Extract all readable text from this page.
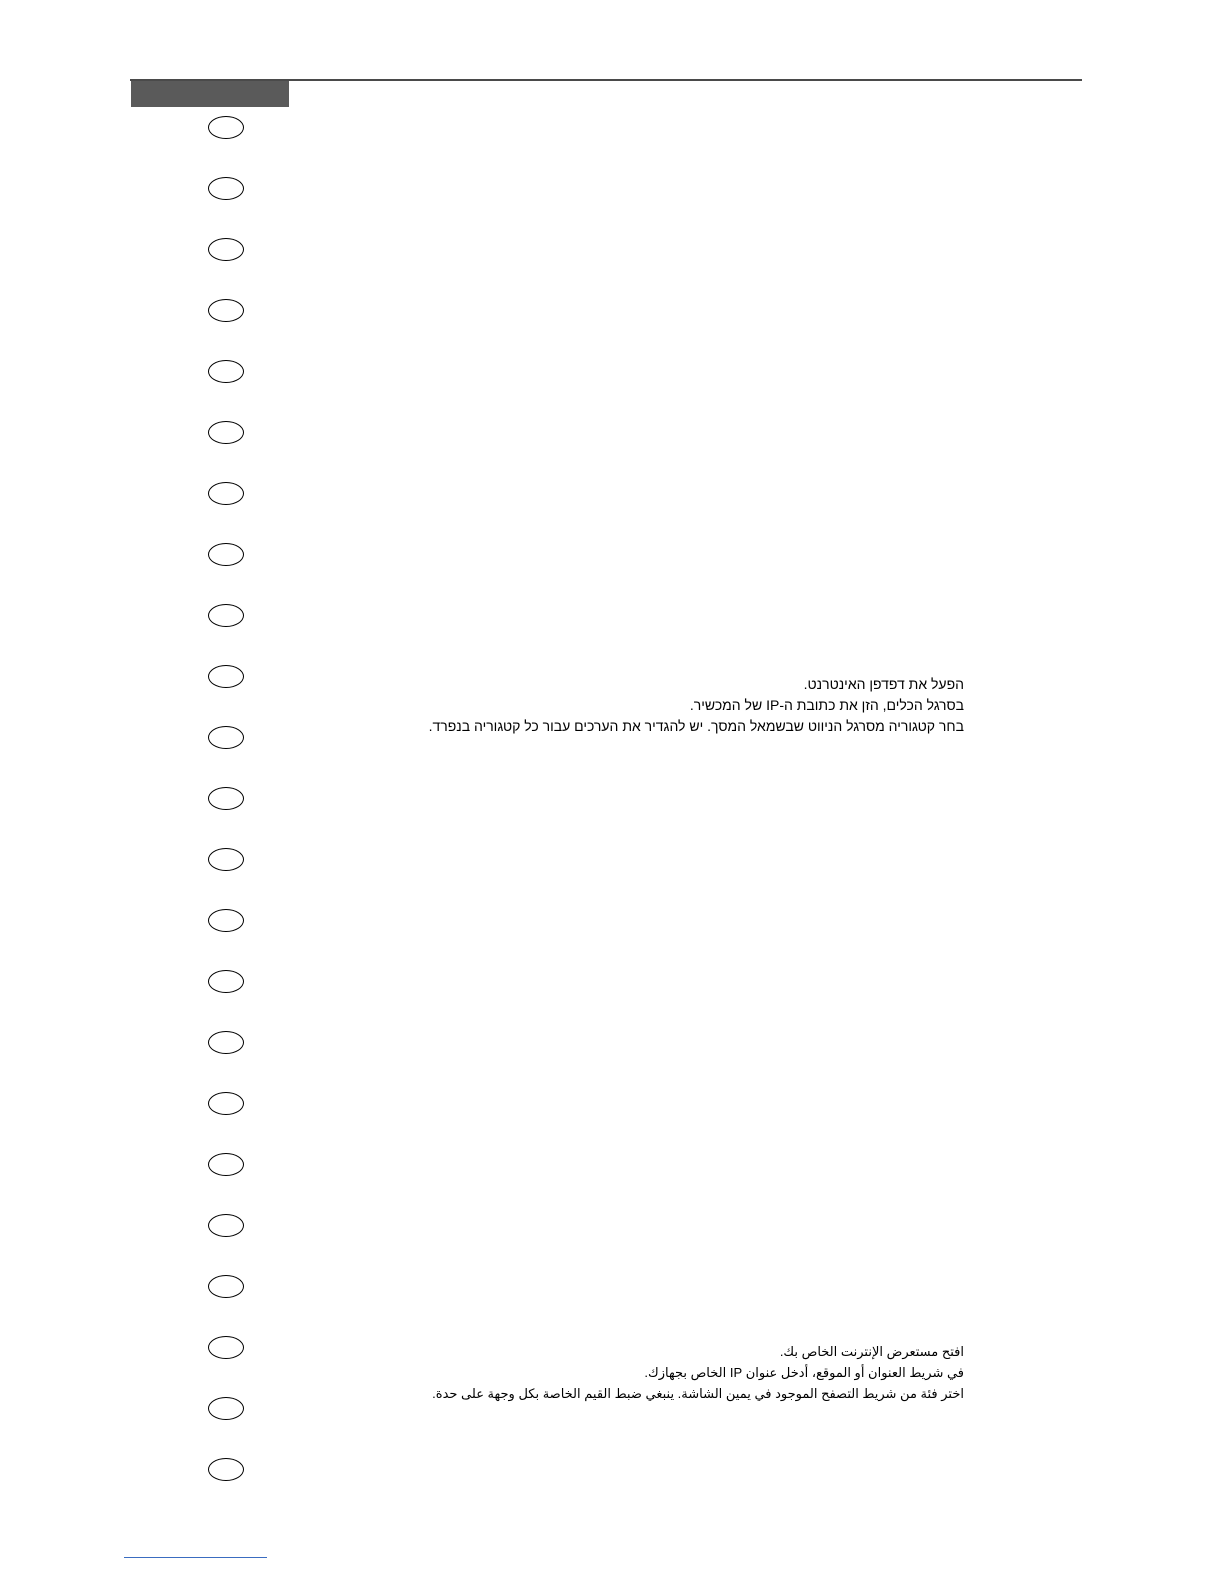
הפעל את דפדפן האינטרנט.

בסרגל הכלים, הזן את כתובת ה-IP של המכשיר.

בחר קטגוריה מסרגל הניווט שבשמאל המסך. יש להגדיר את הערכים עבור כל קטגוריה בנפרד.

افتح مستعرض الإنترنت الخاص بك.

في شريط العنوان أو الموقع، أدخل عنوان IP الخاص بجهازك.

اختر فئة من شريط التصفح الموجود في يمين الشاشة. ينبغي ضبط القيم الخاصة بكل وجهة على حدة.
